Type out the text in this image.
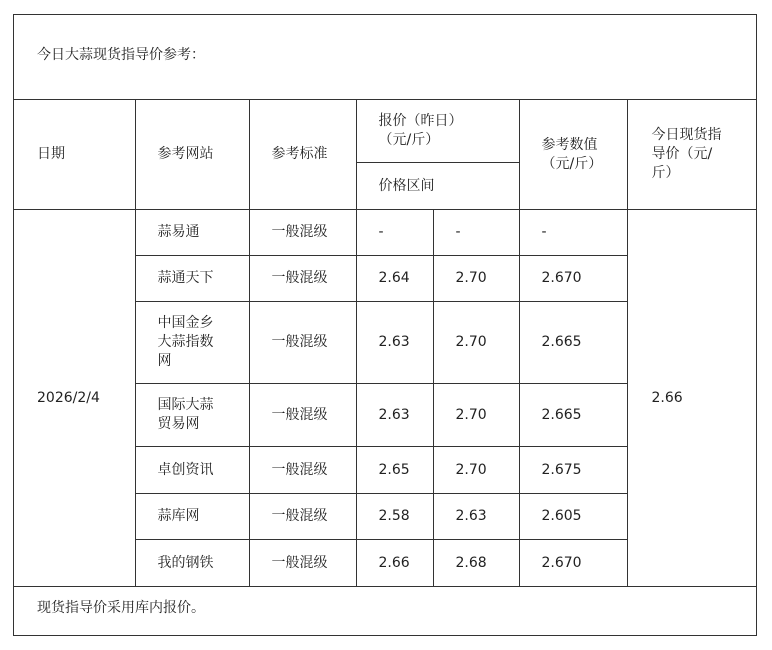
今日大蒜现货指导价参考：
日期	参考网站	参考标准	报价（昨日）（元/斤）		参考数值（元/斤）	今日现货指导价（元/斤）
			价格区间			
2026/2/4	蒜易通	一般混级	-	-	-	2.66
	蒜通天下	一般混级	2.64	2.70	2.670	
	中国金乡大蒜指数网	一般混级	2.63	2.70	2.665	
	国际大蒜贸易网	一般混级	2.63	2.70	2.665	
	卓创资讯	一般混级	2.65	2.70	2.675	
	蒜库网	一般混级	2.58	2.63	2.605	
	我的钢铁	一般混级	2.66	2.68	2.670	
现货指导价采用库内报价。
